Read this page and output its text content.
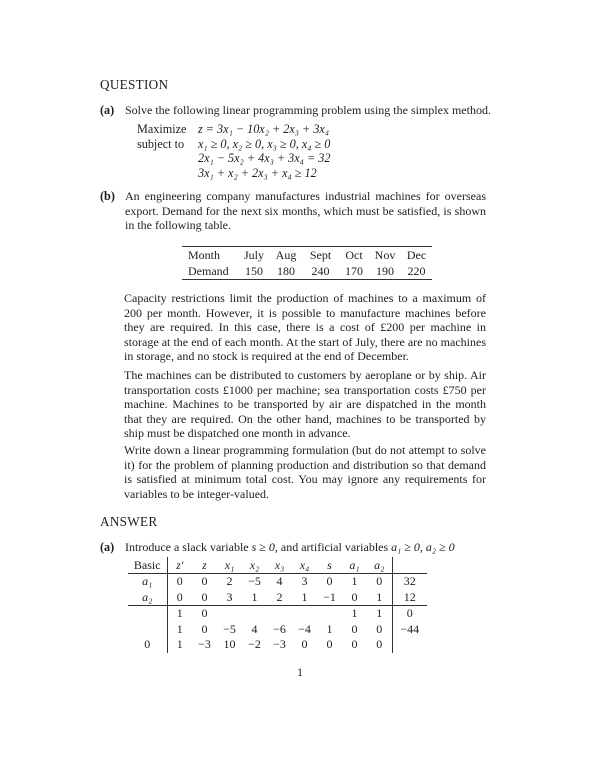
QUESTION
(a) Solve the following linear programming problem using the simplex method.
Maximize z = 3x₁ − 10x₂ + 2x₃ + 3x₄
subject to	x₁ ≥ 0, x₂ ≥ 0, x₃ ≥ 0, x₄ ≥ 0
2x₁ − 5x₂ + 4x₃ + 3x₄ = 32
3x₁ + x₂ + 2x₃ + x₄ ≥ 12
(b) An engineering company manufactures industrial machines for overseas export. Demand for the next six months, which must be satisfied, is shown in the following table.
Month	July	Aug	Sept	Oct	Nov	Dec
Demand	150	180	240	170	190	220
Capacity restrictions limit the production of machines to a maximum of 200 per month. However, it is possible to manufacture machines before they are required. In this case, there is a cost of £200 per machine in storage at the end of each month. At the start of July, there are no machines in storage, and no stock is required at the end of December.
The machines can be distributed to customers by aeroplane or by ship. Air transportation costs £1000 per machine; sea transportation costs £750 per machine. Machines to be transported by air are dispatched in the month that they are required. On the other hand, machines to be transported by ship must be dispatched one month in advance.
Write down a linear programming formulation (but do not attempt to solve it) for the problem of planning production and distribution so that demand is satisfied at minimum total cost. You may ignore any requirements for variables to be integer-valued.
ANSWER
(a) Introduce a slack variable s ≥ 0, and artificial variables a₁ ≥ 0, a₂ ≥ 0
Basic	z′	z	x₁	x₂	x₃	x₄	s	a₁	a₂	
a₁	0	0	2	−5	4	3	0	1	0	32
a₂	0	0	3	1	2	1	−1	0	1	12
	1	0						1	1	0
	1	0	−5	4	−6	−4	1	0	0	−44
0	1	−3	10	−2	−3	0	0	0	0	
1
